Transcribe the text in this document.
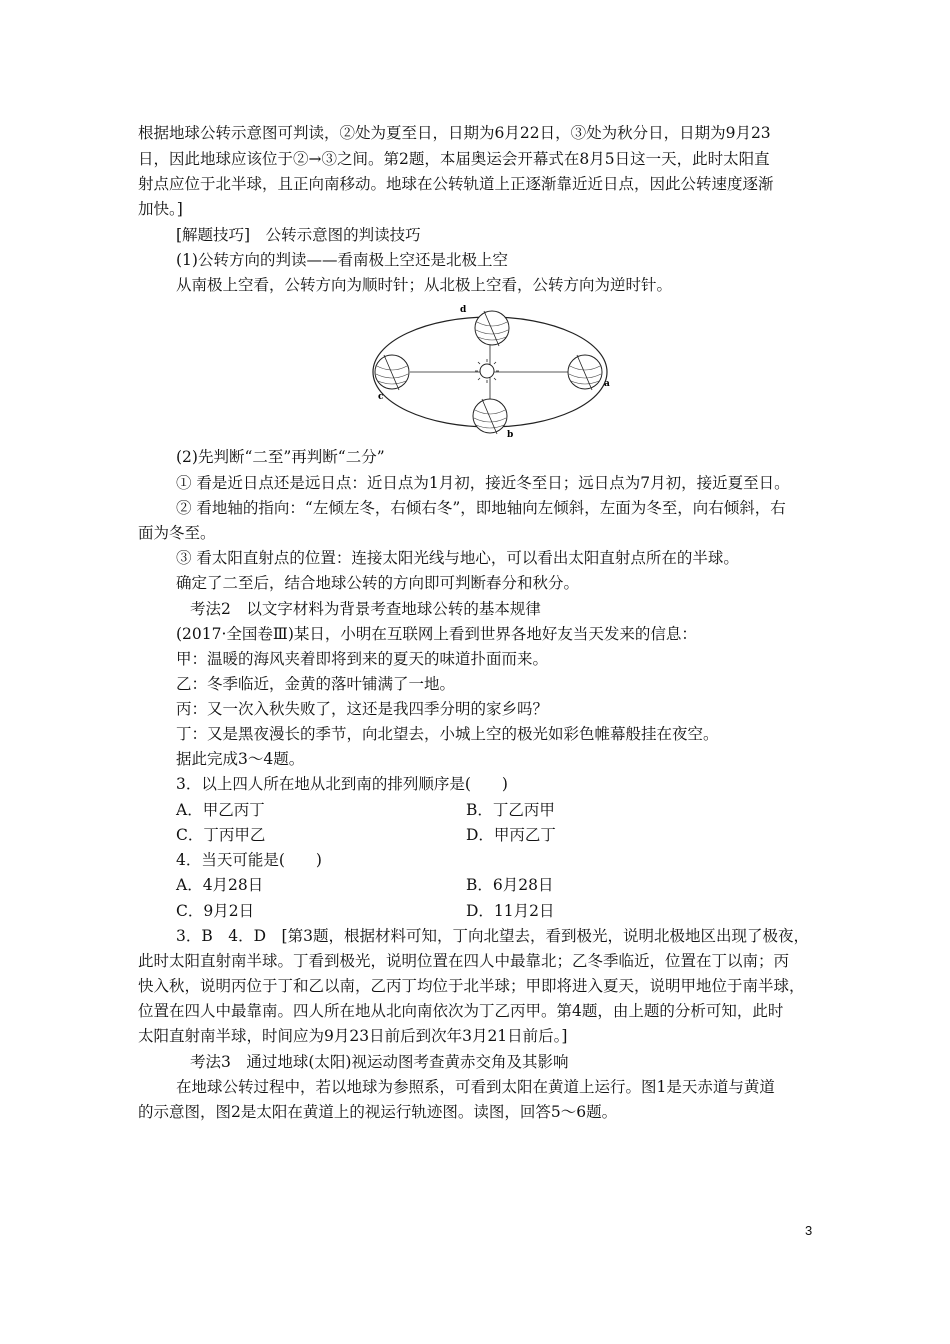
根据地球公转示意图可判读，②处为夏至日，日期为6月22日，③处为秋分日，日期为9月23
日，因此地球应该位于②→③之间。第2题，本届奥运会开幕式在8月5日这一天，此时太阳直
射点应位于北半球，且正向南移动。地球在公转轨道上正逐渐靠近近日点，因此公转速度逐渐
加快。]
[解题技巧]　公转示意图的判读技巧
(1)公转方向的判读——看南极上空还是北极上空
从南极上空看，公转方向为顺时针；从北极上空看，公转方向为逆时针。
d
a
b
c
(2)先判断“二至”再判断“二分”
① 看是近日点还是远日点：近日点为1月初，接近冬至日；远日点为7月初，接近夏至日。
② 看地轴的指向：“左倾左冬，右倾右冬”，即地轴向左倾斜，左面为冬至，向右倾斜，右
面为冬至。
③ 看太阳直射点的位置：连接太阳光线与地心，可以看出太阳直射点所在的半球。
确定了二至后，结合地球公转的方向即可判断春分和秋分。
考法2　以文字材料为背景考查地球公转的基本规律
(2017·全国卷Ⅲ)某日，小明在互联网上看到世界各地好友当天发来的信息：
甲：温暖的海风夹着即将到来的夏天的味道扑面而来。
乙：冬季临近，金黄的落叶铺满了一地。
丙：又一次入秋失败了，这还是我四季分明的家乡吗？
丁：又是黑夜漫长的季节，向北望去，小城上空的极光如彩色帷幕般挂在夜空。
据此完成3～4题。
3．以上四人所在地从北到南的排列顺序是(　　)
A．甲乙丙丁	B．丁乙丙甲
C．丁丙甲乙	D．甲丙乙丁
4．当天可能是(　　)
A．4月28日	B．6月28日
C．9月2日	D．11月2日
3．B　4．D　[第3题，根据材料可知，丁向北望去，看到极光，说明北极地区出现了极夜，
此时太阳直射南半球。丁看到极光，说明位置在四人中最靠北；乙冬季临近，位置在丁以南；丙
快入秋，说明丙位于丁和乙以南，乙丙丁均位于北半球；甲即将进入夏天，说明甲地位于南半球，
位置在四人中最靠南。四人所在地从北向南依次为丁乙丙甲。第4题，由上题的分析可知，此时
太阳直射南半球，时间应为9月23日前后到次年3月21日前后。]
考法3　通过地球(太阳)视运动图考查黄赤交角及其影响
在地球公转过程中，若以地球为参照系，可看到太阳在黄道上运行。图1是天赤道与黄道
的示意图，图2是太阳在黄道上的视运行轨迹图。读图，回答5～6题。
3
